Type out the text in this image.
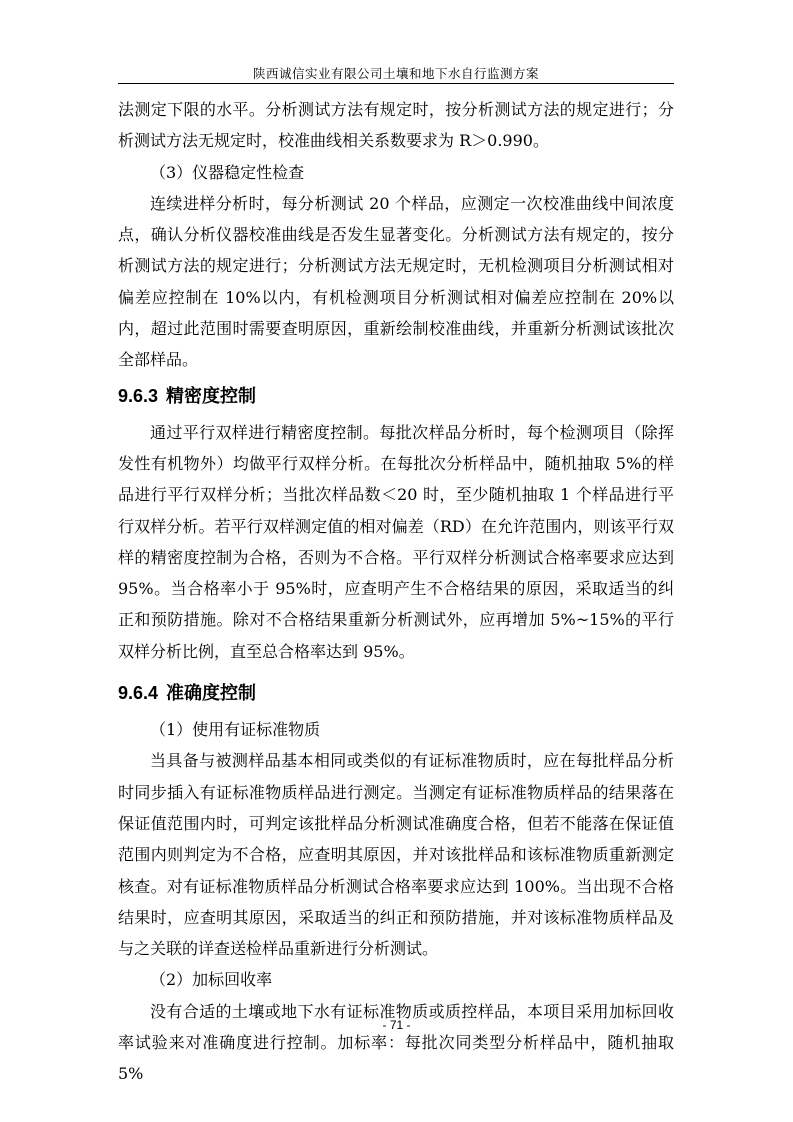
陕西诚信实业有限公司土壤和地下水自行监测方案

法测定下限的水平。分析测试方法有规定时，按分析测试方法的规定进行；分析测试方法无规定时，校准曲线相关系数要求为 R＞0.990。

（3）仪器稳定性检查

连续进样分析时，每分析测试 20 个样品，应测定一次校准曲线中间浓度点，确认分析仪器校准曲线是否发生显著变化。分析测试方法有规定的，按分析测试方法的规定进行；分析测试方法无规定时，无机检测项目分析测试相对偏差应控制在 10%以内，有机检测项目分析测试相对偏差应控制在 20%以内，超过此范围时需要查明原因，重新绘制校准曲线，并重新分析测试该批次全部样品。

9.6.3 精密度控制

通过平行双样进行精密度控制。每批次样品分析时，每个检测项目（除挥发性有机物外）均做平行双样分析。在每批次分析样品中，随机抽取 5%的样品进行平行双样分析；当批次样品数＜20 时，至少随机抽取 1 个样品进行平行双样分析。若平行双样测定值的相对偏差（RD）在允许范围内，则该平行双样的精密度控制为合格，否则为不合格。平行双样分析测试合格率要求应达到 95%。当合格率小于 95%时，应查明产生不合格结果的原因，采取适当的纠正和预防措施。除对不合格结果重新分析测试外，应再增加 5%~15%的平行双样分析比例，直至总合格率达到 95%。

9.6.4 准确度控制

（1）使用有证标准物质

当具备与被测样品基本相同或类似的有证标准物质时，应在每批样品分析时同步插入有证标准物质样品进行测定。当测定有证标准物质样品的结果落在保证值范围内时，可判定该批样品分析测试准确度合格，但若不能落在保证值范围内则判定为不合格，应查明其原因，并对该批样品和该标准物质重新测定核查。对有证标准物质样品分析测试合格率要求应达到 100%。当出现不合格结果时，应查明其原因，采取适当的纠正和预防措施，并对该标准物质样品及与之关联的详查送检样品重新进行分析测试。

（2）加标回收率

没有合适的土壤或地下水有证标准物质或质控样品，本项目采用加标回收率试验来对准确度进行控制。加标率：每批次同类型分析样品中，随机抽取 5%

- 71 -
